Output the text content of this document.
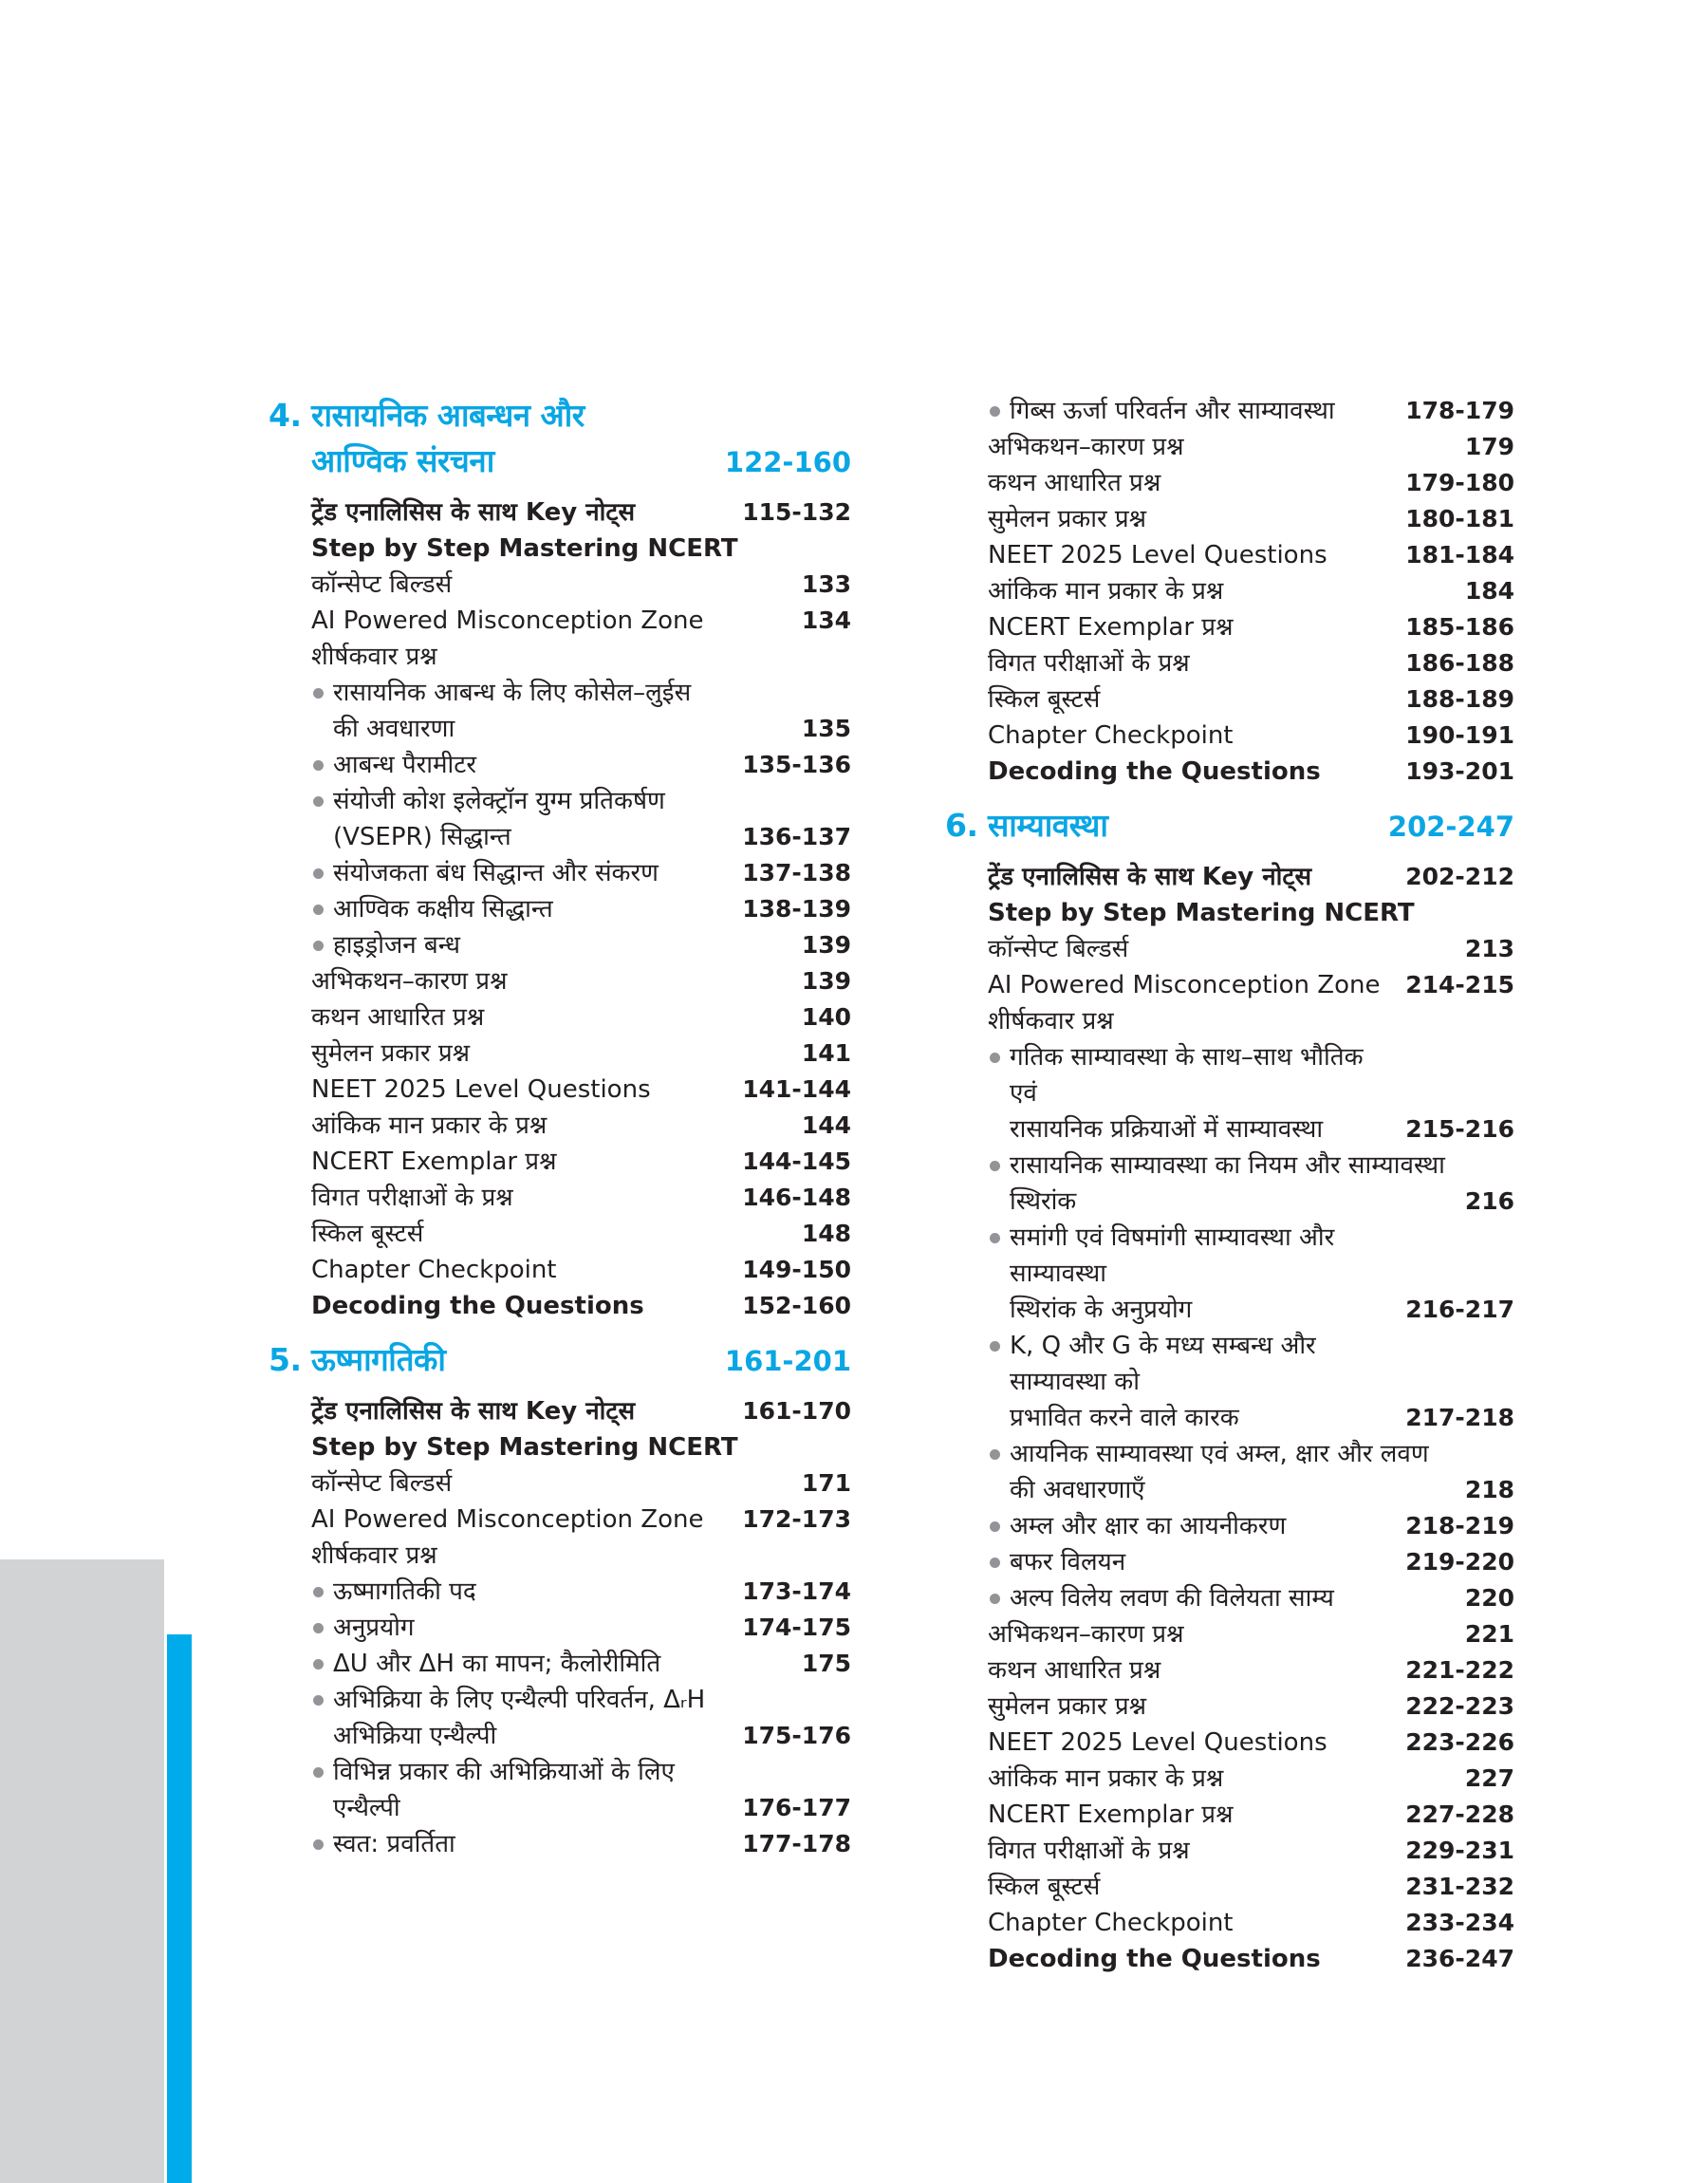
4. रासायनिक आबन्धन और
आण्विक संरचना	122-160
ट्रेंड एनालिसिस के साथ Key नोट्स	115-132
Step by Step Mastering NCERT
कॉन्सेप्ट बिल्डर्स	133
AI Powered Misconception Zone	134
शीर्षकवार प्रश्न
रासायनिक आबन्ध के लिए कोसेल–लुईस
की अवधारणा	135
आबन्ध पैरामीटर	135-136
संयोजी कोश इलेक्ट्रॉन युग्म प्रतिकर्षण
(VSEPR) सिद्धान्त	136-137
संयोजकता बंध सिद्धान्त और संकरण	137-138
आण्विक कक्षीय सिद्धान्त	138-139
हाइड्रोजन बन्ध	139
अभिकथन–कारण प्रश्न	139
कथन आधारित प्रश्न	140
सुमेलन प्रकार प्रश्न	141
NEET 2025 Level Questions	141-144
आंकिक मान प्रकार के प्रश्न	144
NCERT Exemplar प्रश्न	144-145
विगत परीक्षाओं के प्रश्न	146-148
स्किल बूस्टर्स	148
Chapter Checkpoint	149-150
Decoding the Questions	152-160
5. ऊष्मागतिकी	161-201
ट्रेंड एनालिसिस के साथ Key नोट्स	161-170
Step by Step Mastering NCERT
कॉन्सेप्ट बिल्डर्स	171
AI Powered Misconception Zone	172-173
शीर्षकवार प्रश्न
ऊष्मागतिकी पद	173-174
अनुप्रयोग	174-175
ΔU और ΔH का मापन; कैलोरीमिति	175
अभिक्रिया के लिए एन्थैल्पी परिवर्तन, ΔᵣH
अभिक्रिया एन्थैल्पी	175-176
विभिन्न प्रकार की अभिक्रियाओं के लिए एन्थैल्पी	176-177
स्वत: प्रवर्तिता	177-178
गिब्स ऊर्जा परिवर्तन और साम्यावस्था	178-179
अभिकथन–कारण प्रश्न	179
कथन आधारित प्रश्न	179-180
सुमेलन प्रकार प्रश्न	180-181
NEET 2025 Level Questions	181-184
आंकिक मान प्रकार के प्रश्न	184
NCERT Exemplar प्रश्न	185-186
विगत परीक्षाओं के प्रश्न	186-188
स्किल बूस्टर्स	188-189
Chapter Checkpoint	190-191
Decoding the Questions	193-201
6. साम्यावस्था	202-247
ट्रेंड एनालिसिस के साथ Key नोट्स	202-212
Step by Step Mastering NCERT
कॉन्सेप्ट बिल्डर्स	213
AI Powered Misconception Zone	214-215
शीर्षकवार प्रश्न
गतिक साम्यावस्था के साथ–साथ भौतिक एवं
रासायनिक प्रक्रियाओं में साम्यावस्था	215-216
रासायनिक साम्यावस्था का नियम और साम्यावस्था
स्थिरांक	216
समांगी एवं विषमांगी साम्यावस्था और साम्यावस्था
स्थिरांक के अनुप्रयोग	216-217
K, Q और G के मध्य सम्बन्ध और साम्यावस्था को
प्रभावित करने वाले कारक	217-218
आयनिक साम्यावस्था एवं अम्ल, क्षार और लवण
की अवधारणाएँ	218
अम्ल और क्षार का आयनीकरण	218-219
बफर विलयन	219-220
अल्प विलेय लवण की विलेयता साम्य	220
अभिकथन–कारण प्रश्न	221
कथन आधारित प्रश्न	221-222
सुमेलन प्रकार प्रश्न	222-223
NEET 2025 Level Questions	223-226
आंकिक मान प्रकार के प्रश्न	227
NCERT Exemplar प्रश्न	227-228
विगत परीक्षाओं के प्रश्न	229-231
स्किल बूस्टर्स	231-232
Chapter Checkpoint	233-234
Decoding the Questions	236-247
